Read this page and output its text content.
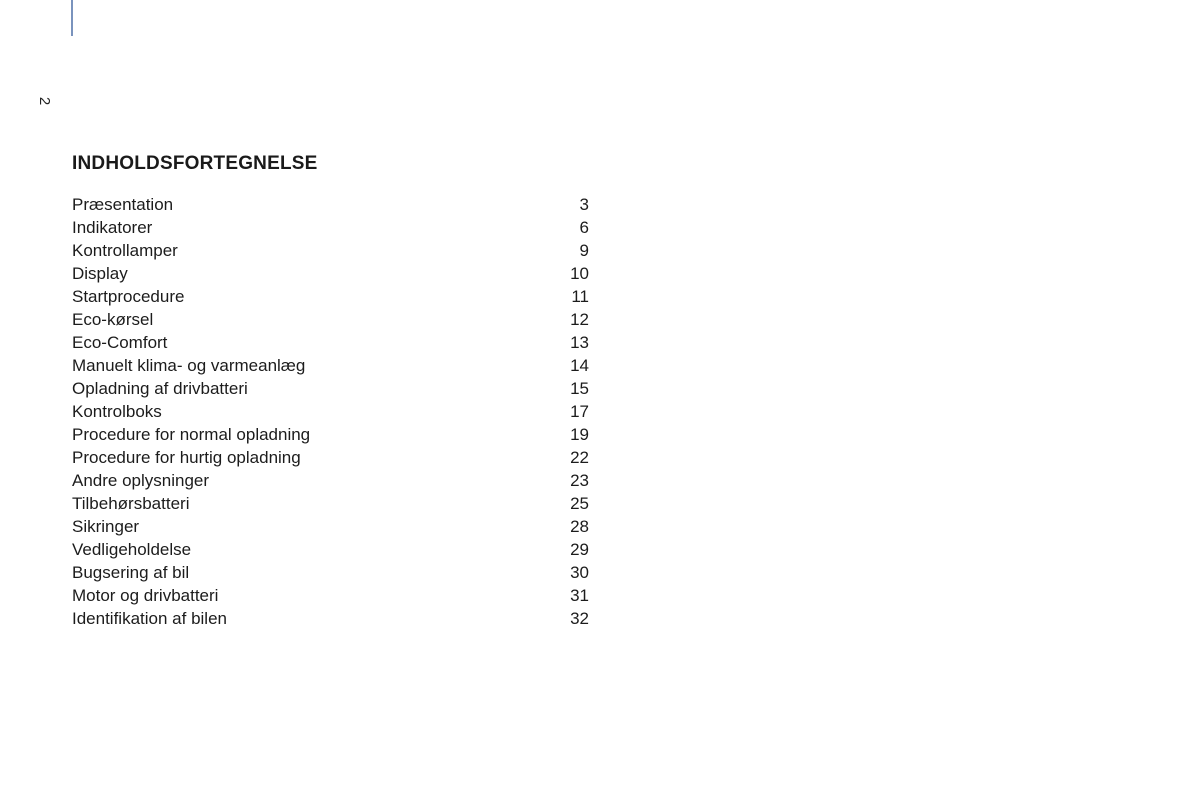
2
INDHOLDSFORTEGNELSE
Præsentation	3
Indikatorer	6
Kontrollamper	9
Display	10
Startprocedure	11
Eco-kørsel	12
Eco-Comfort	13
Manuelt klima- og varmeanlæg	14
Opladning af drivbatteri	15
Kontrolboks	17
Procedure for normal opladning	19
Procedure for hurtig opladning	22
Andre oplysninger	23
Tilbehørsbatteri	25
Sikringer	28
Vedligeholdelse	29
Bugsering af bil	30
Motor og drivbatteri	31
Identifikation af bilen	32
